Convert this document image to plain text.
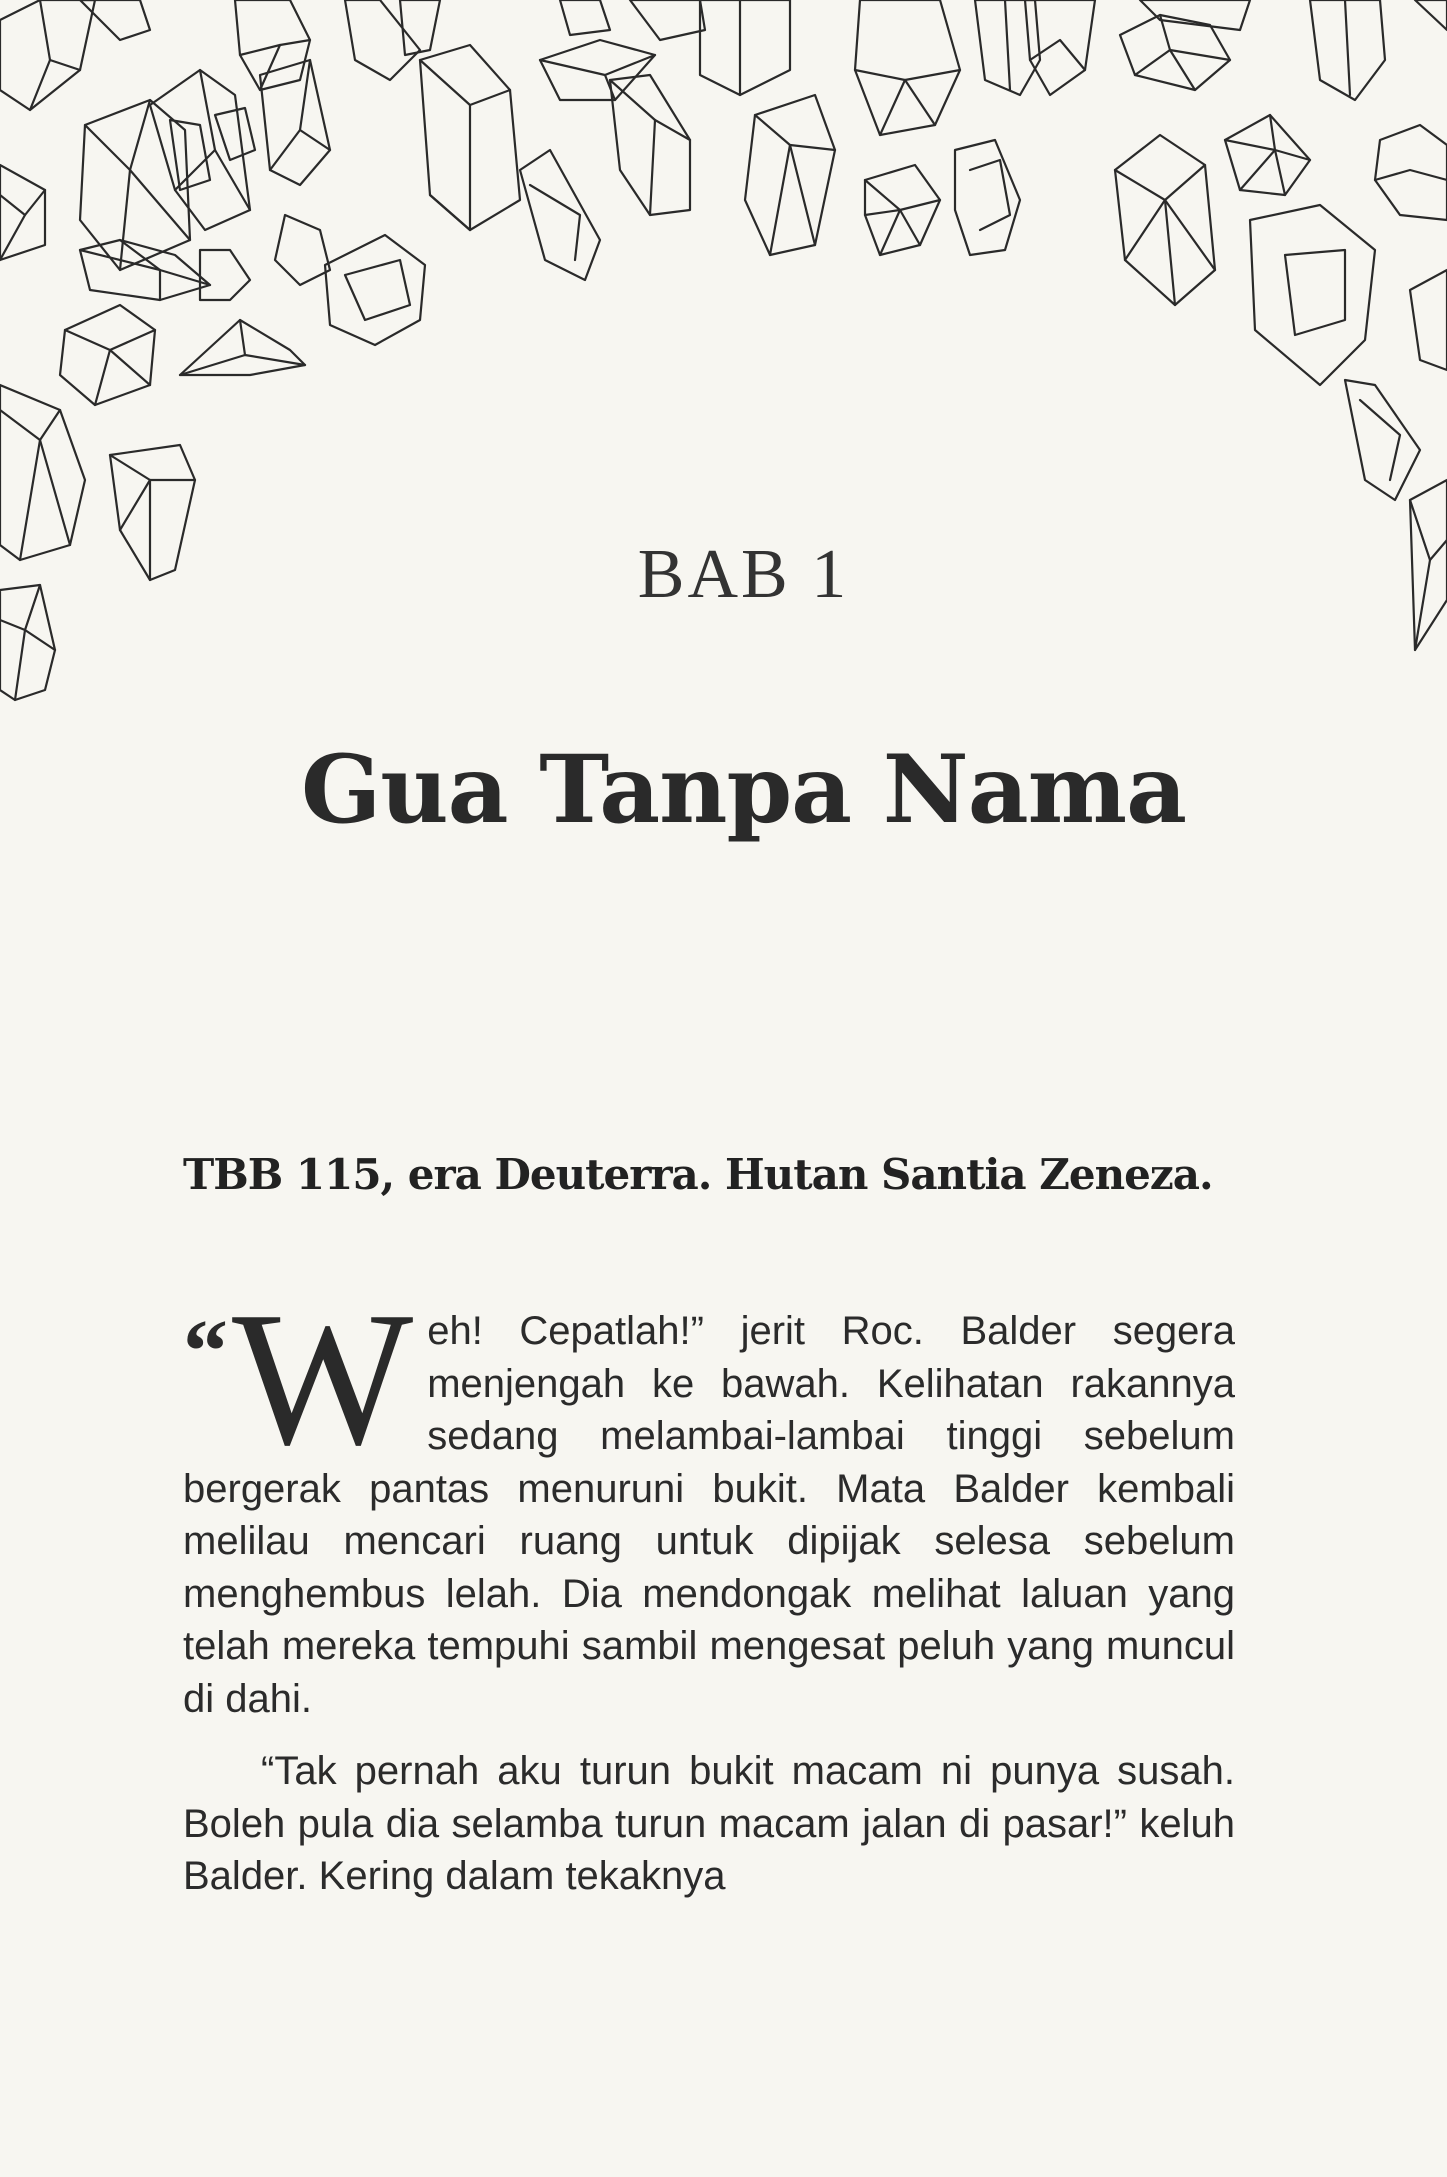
BAB 1
Gua Tanpa Nama
TBB 115, era Deuterra. Hutan Santia Zeneza.

“ W eh! Cepatlah!” jerit Roc. Balder segera menjengah ke bawah. Kelihatan rakannya sedang melambai-lambai tinggi sebelum bergerak pantas menuruni bukit. Mata Balder kembali melilau mencari ruang untuk dipijak selesa sebelum menghembus lelah. Dia mendongak melihat laluan yang telah mereka tempuhi sambil mengesat peluh yang muncul di dahi.

“Tak pernah aku turun bukit macam ni punya susah. Boleh pula dia selamba turun macam jalan di pasar!” keluh Balder. Kering dalam tekaknya
